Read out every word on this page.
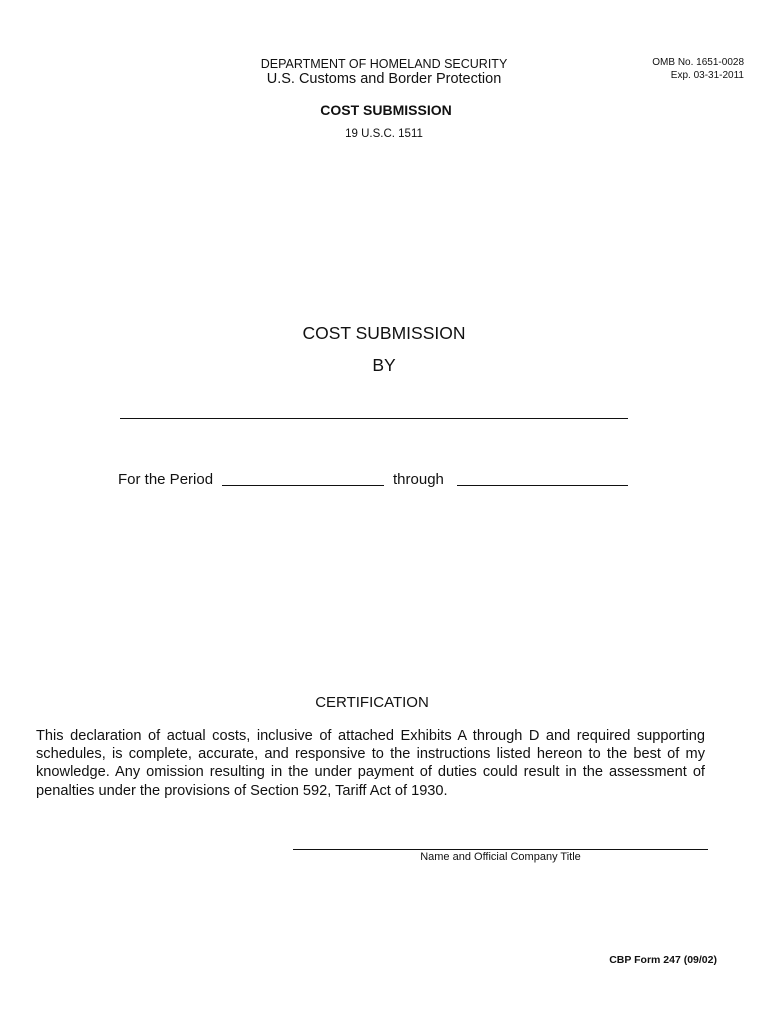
DEPARTMENT OF HOMELAND SECURITY
U.S. Customs and Border Protection
OMB No. 1651-0028
Exp. 03-31-2011
COST SUBMISSION
19 U.S.C. 1511
COST SUBMISSION
BY
For the Period	through
CERTIFICATION
This declaration of actual costs, inclusive of attached Exhibits A through D and required supporting schedules, is complete, accurate, and responsive to the instructions listed hereon to the best of my knowledge. Any omission resulting in the under payment of duties could result in the assessment of penalties under the provisions of Section 592, Tariff Act of 1930.
Name and Official Company Title
CBP Form 247 (09/02)
